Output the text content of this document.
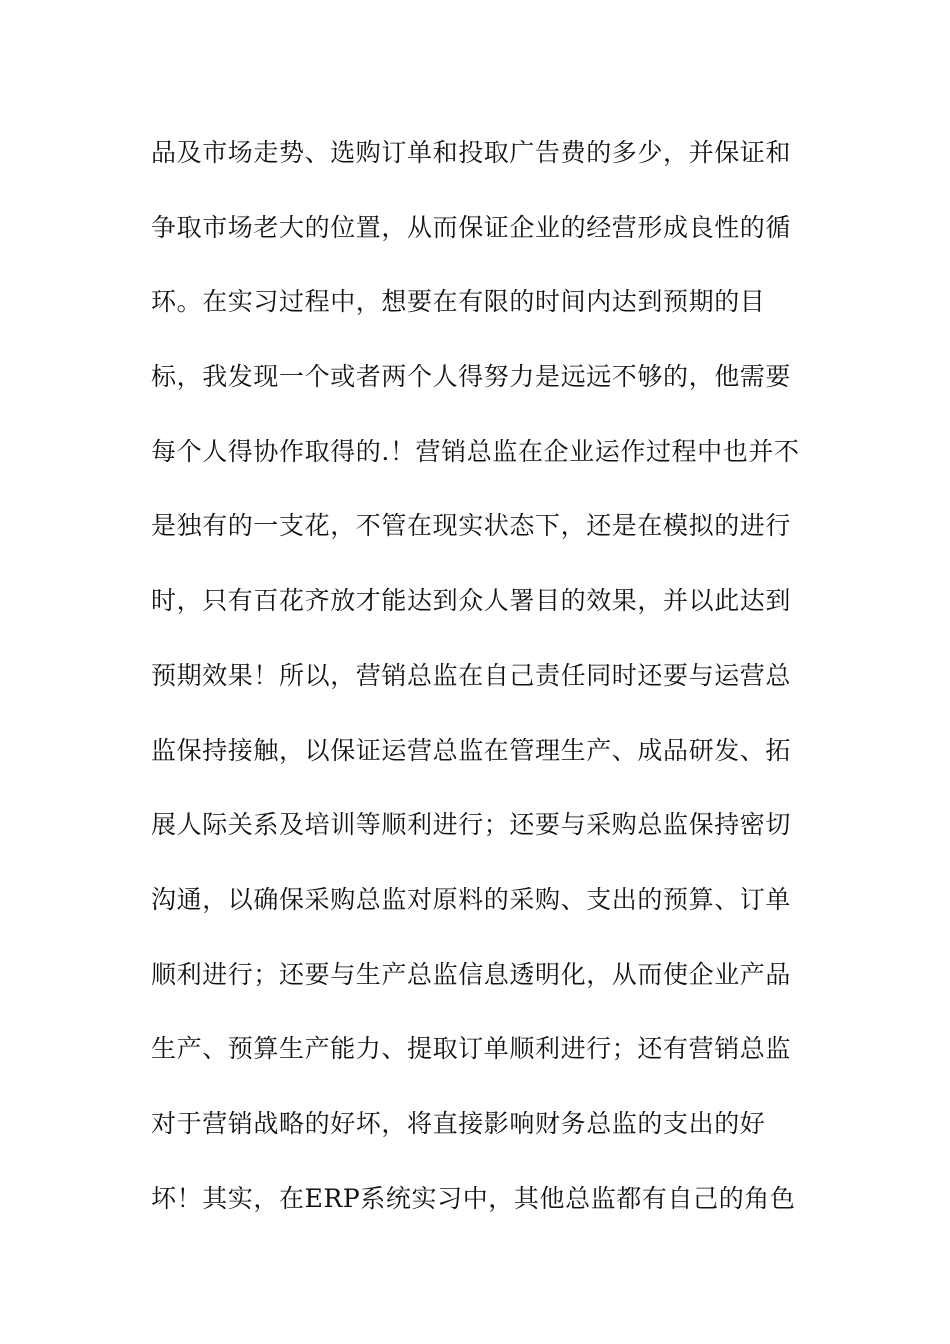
品及市场走势、选购订单和投取广告费的多少，并保证和
争取市场老大的位置，从而保证企业的经营形成良性的循
环。在实习过程中，想要在有限的时间内达到预期的目
标，我发现一个或者两个人得努力是远远不够的，他需要
每个人得协作取得的.！营销总监在企业运作过程中也并不
是独有的一支花，不管在现实状态下，还是在模拟的进行
时，只有百花齐放才能达到众人署目的效果，并以此达到
预期效果！所以，营销总监在自己责任同时还要与运营总
监保持接触，以保证运营总监在管理生产、成品研发、拓
展人际关系及培训等顺利进行；还要与采购总监保持密切
沟通，以确保采购总监对原料的采购、支出的预算、订单
顺利进行；还要与生产总监信息透明化，从而使企业产品
生产、预算生产能力、提取订单顺利进行；还有营销总监
对于营销战略的好坏，将直接影响财务总监的支出的好
坏！其实，在ERP系统实习中，其他总监都有自己的角色
